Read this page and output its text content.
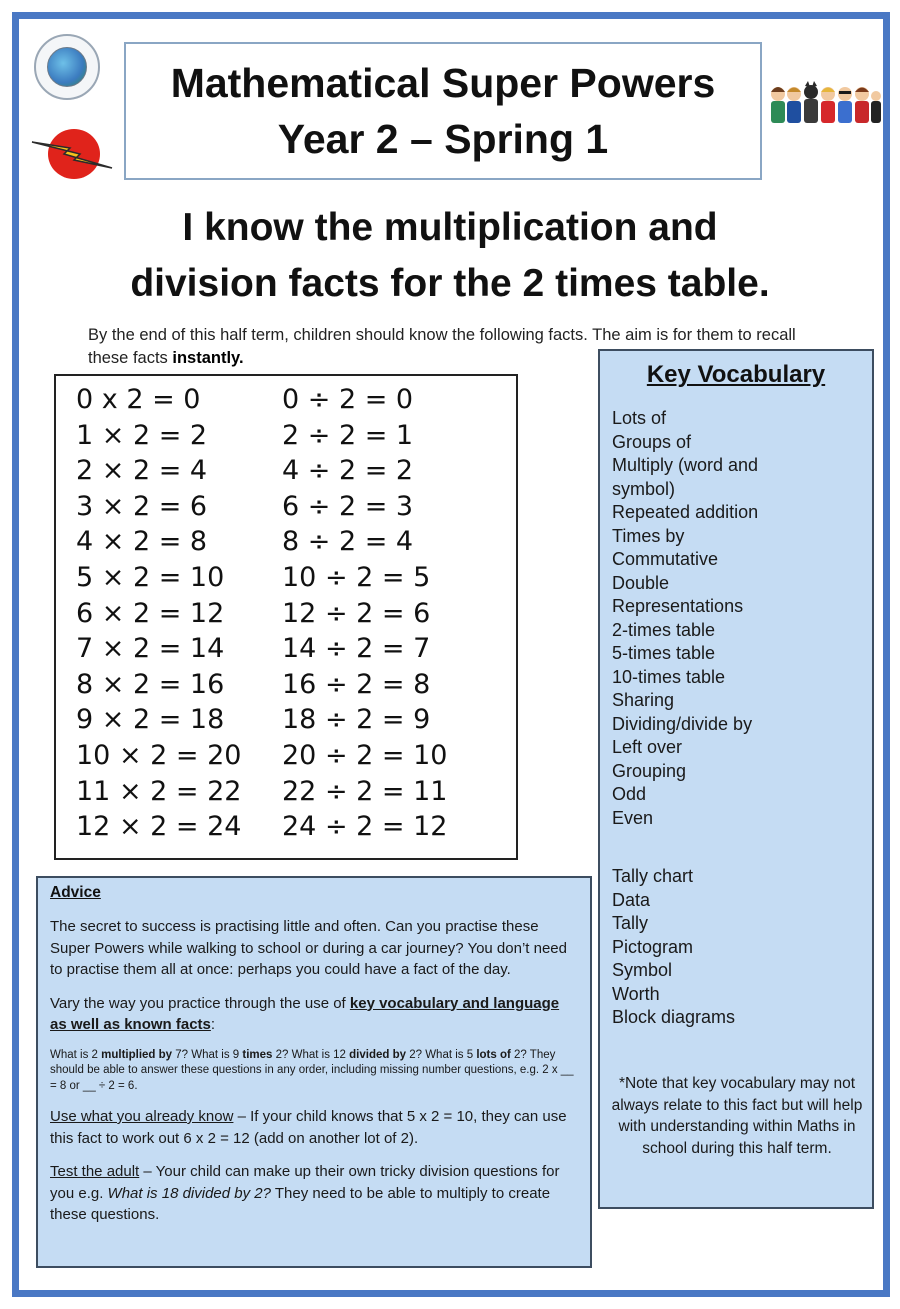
Mathematical Super Powers
Year 2 – Spring 1
I know the multiplication and
division facts for the 2 times table.
By the end of this half term, children should know the following facts. The aim is for them to recall these facts instantly.
0 x 2 = 0
1 × 2 = 2
2 × 2 = 4
3 × 2 = 6
4 × 2 = 8
5 × 2 = 10
6 × 2 = 12
7 × 2 = 14
8 × 2 = 16
9 × 2 = 18
10 × 2 = 20
11 × 2 = 22
12 × 2 = 24
0 ÷ 2 = 0
2 ÷ 2 = 1
4 ÷ 2 = 2
6 ÷ 2 = 3
8 ÷ 2 = 4
10 ÷ 2 = 5
12 ÷ 2 = 6
14 ÷ 2 = 7
16 ÷ 2 = 8
18 ÷ 2 = 9
20 ÷ 2 = 10
22 ÷ 2 = 11
24 ÷ 2 = 12
Key Vocabulary
Lots of
Groups of
Multiply (word and
symbol)
Repeated addition
Times by
Commutative
Double
Representations
2-times table
5-times table
10-times table
Sharing
Dividing/divide by
Left over
Grouping
Odd
Even
Tally chart
Data
Tally
Pictogram
Symbol
Worth
Block diagrams
*Note that key vocabulary may not always relate to this fact but will help with understanding within Maths in school during this half term.
Advice
The secret to success is practising little and often. Can you practise these Super Powers while walking to school or during a car journey? You don’t need to practise them all at once: perhaps you could have a fact of the day.
Vary the way you practice through the use of key vocabulary and language as well as known facts:
What is 2 multiplied by 7? What is 9 times 2? What is 12 divided by 2? What is 5 lots of 2? They should be able to answer these questions in any order, including missing number questions, e.g. 2 x __ = 8 or __ ÷ 2 = 6.
Use what you already know – If your child knows that 5 x 2 = 10, they can use this fact to work out 6 x 2 = 12 (add on another lot of 2).
Test the adult – Your child can make up their own tricky division questions for you e.g. What is 18 divided by 2? They need to be able to multiply to create these questions.
